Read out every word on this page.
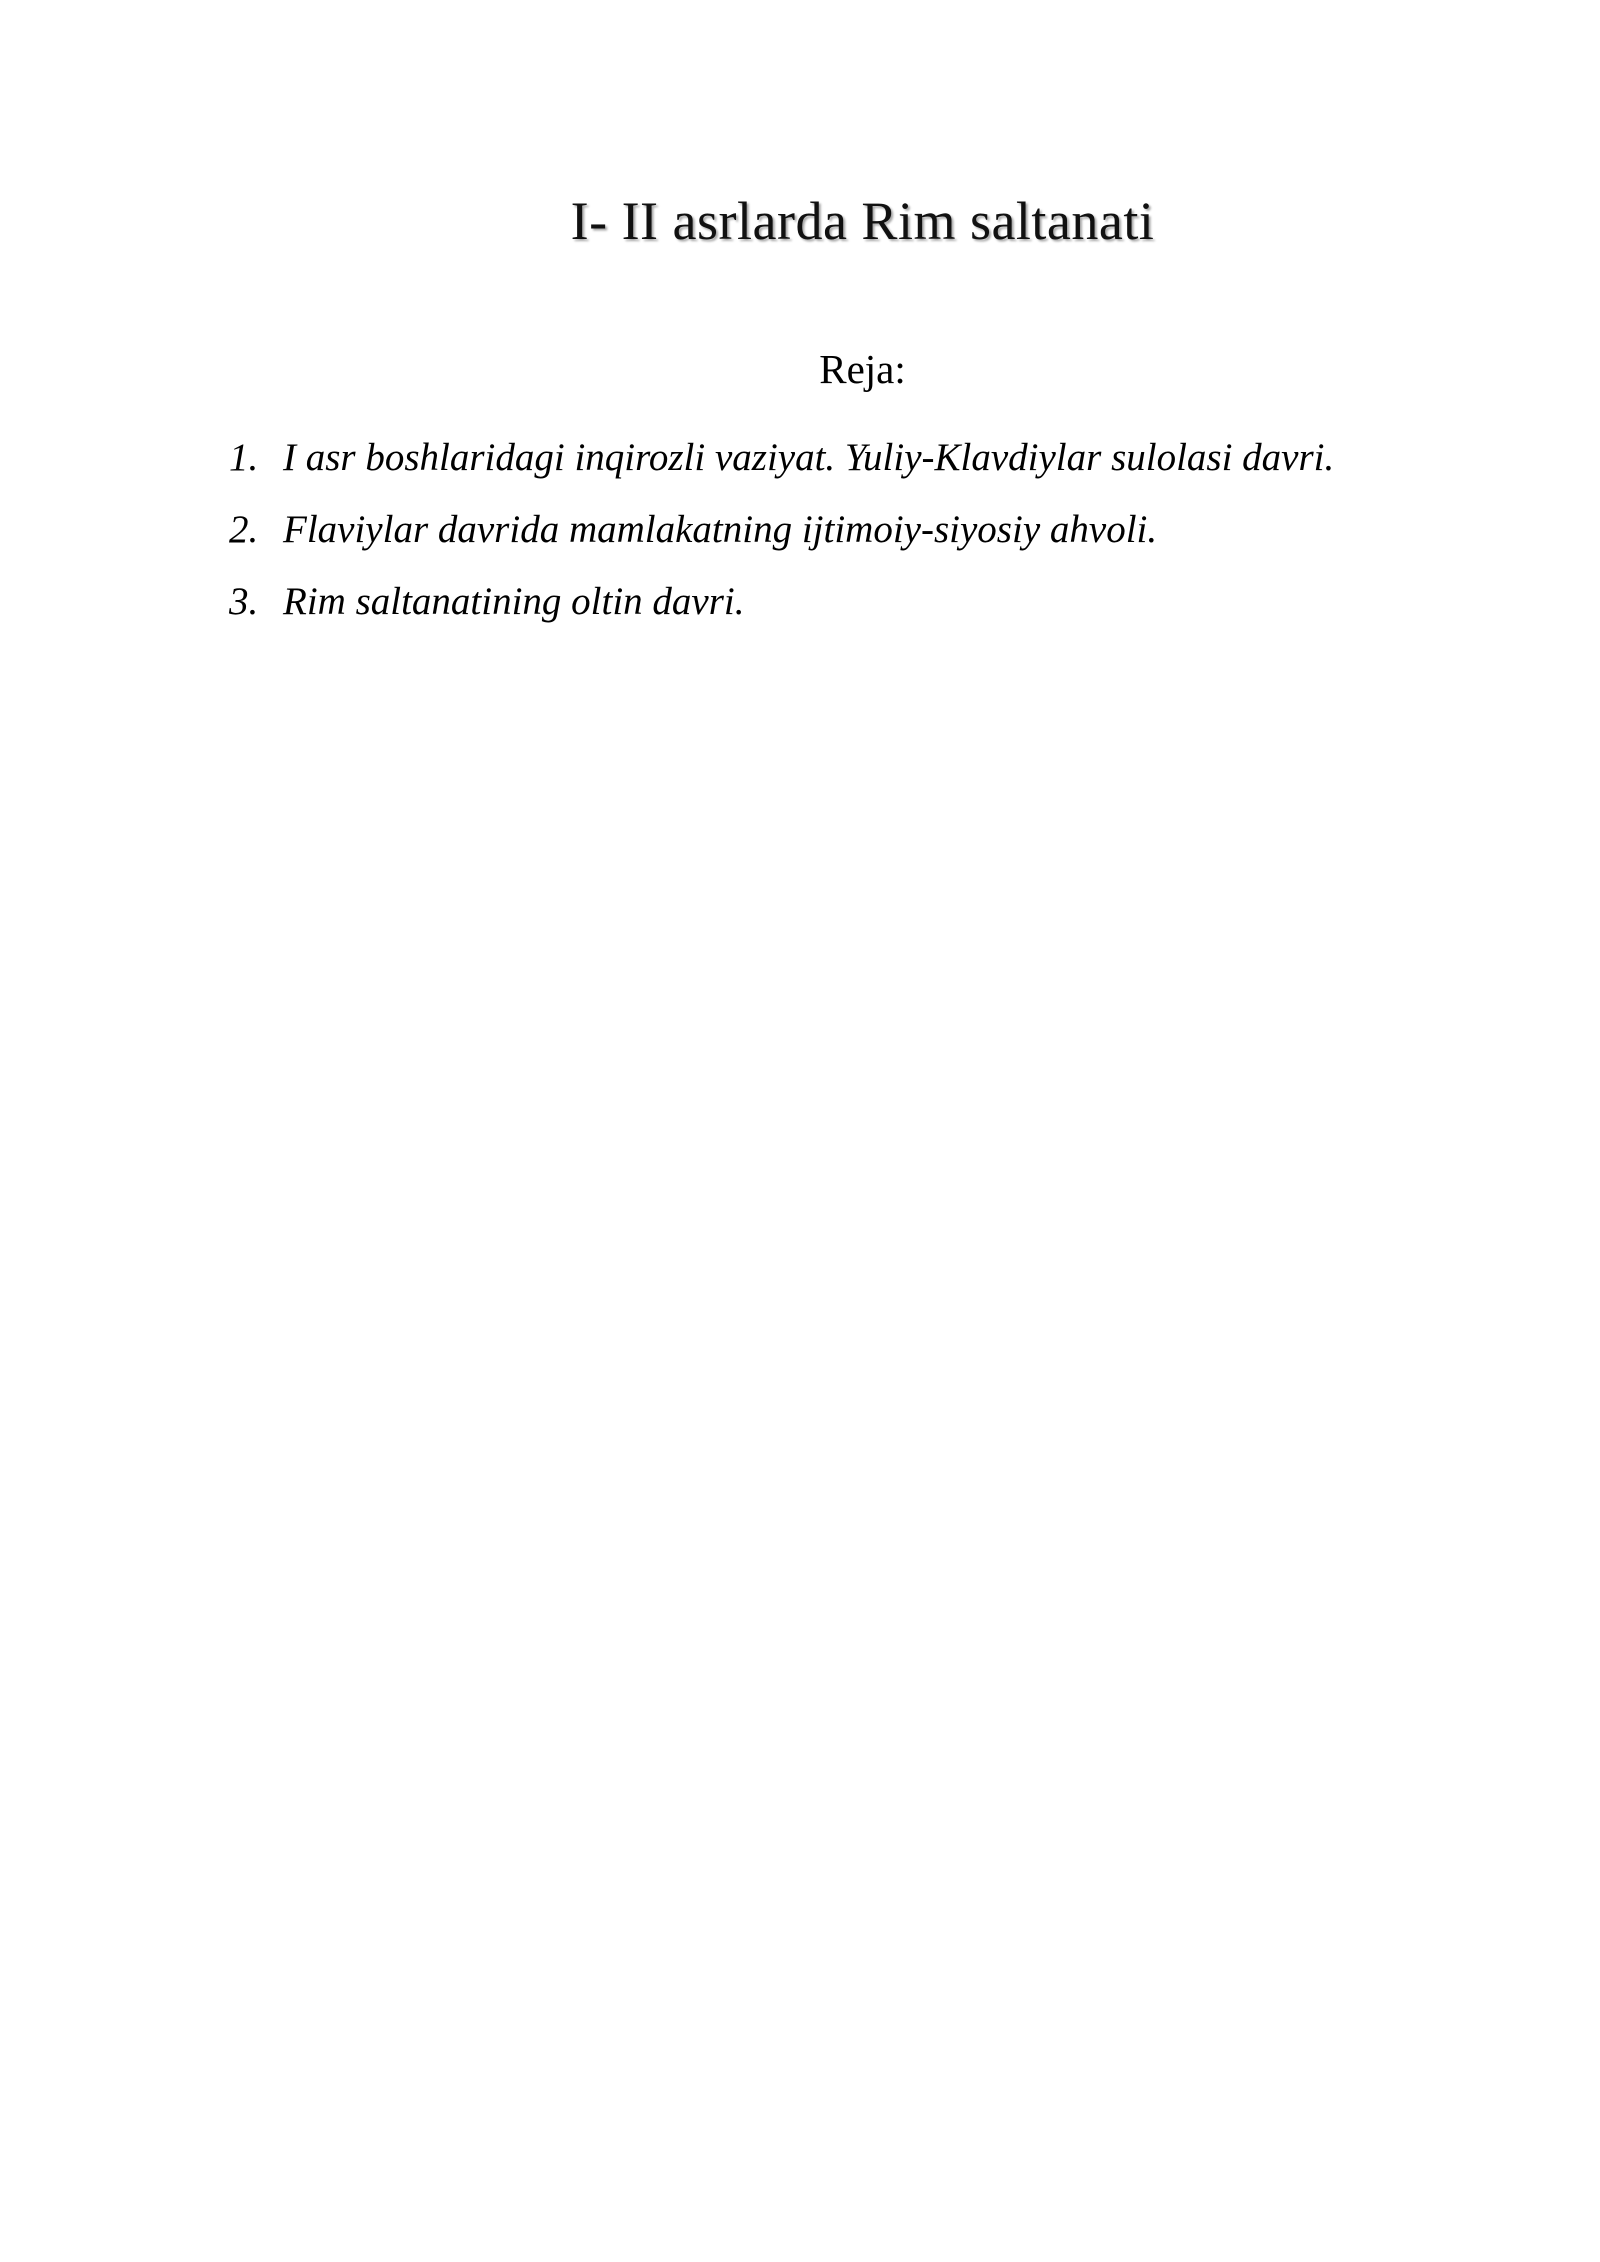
I- II asrlarda Rim saltanati
Reja:
1. I asr boshlaridagi inqirozli vaziyat. Yuliy-Klavdiylar sulolasi davri.
2. Flaviylar davrida mamlakatning ijtimoiy-siyosiy ahvoli.
3. Rim saltanatining oltin davri.
